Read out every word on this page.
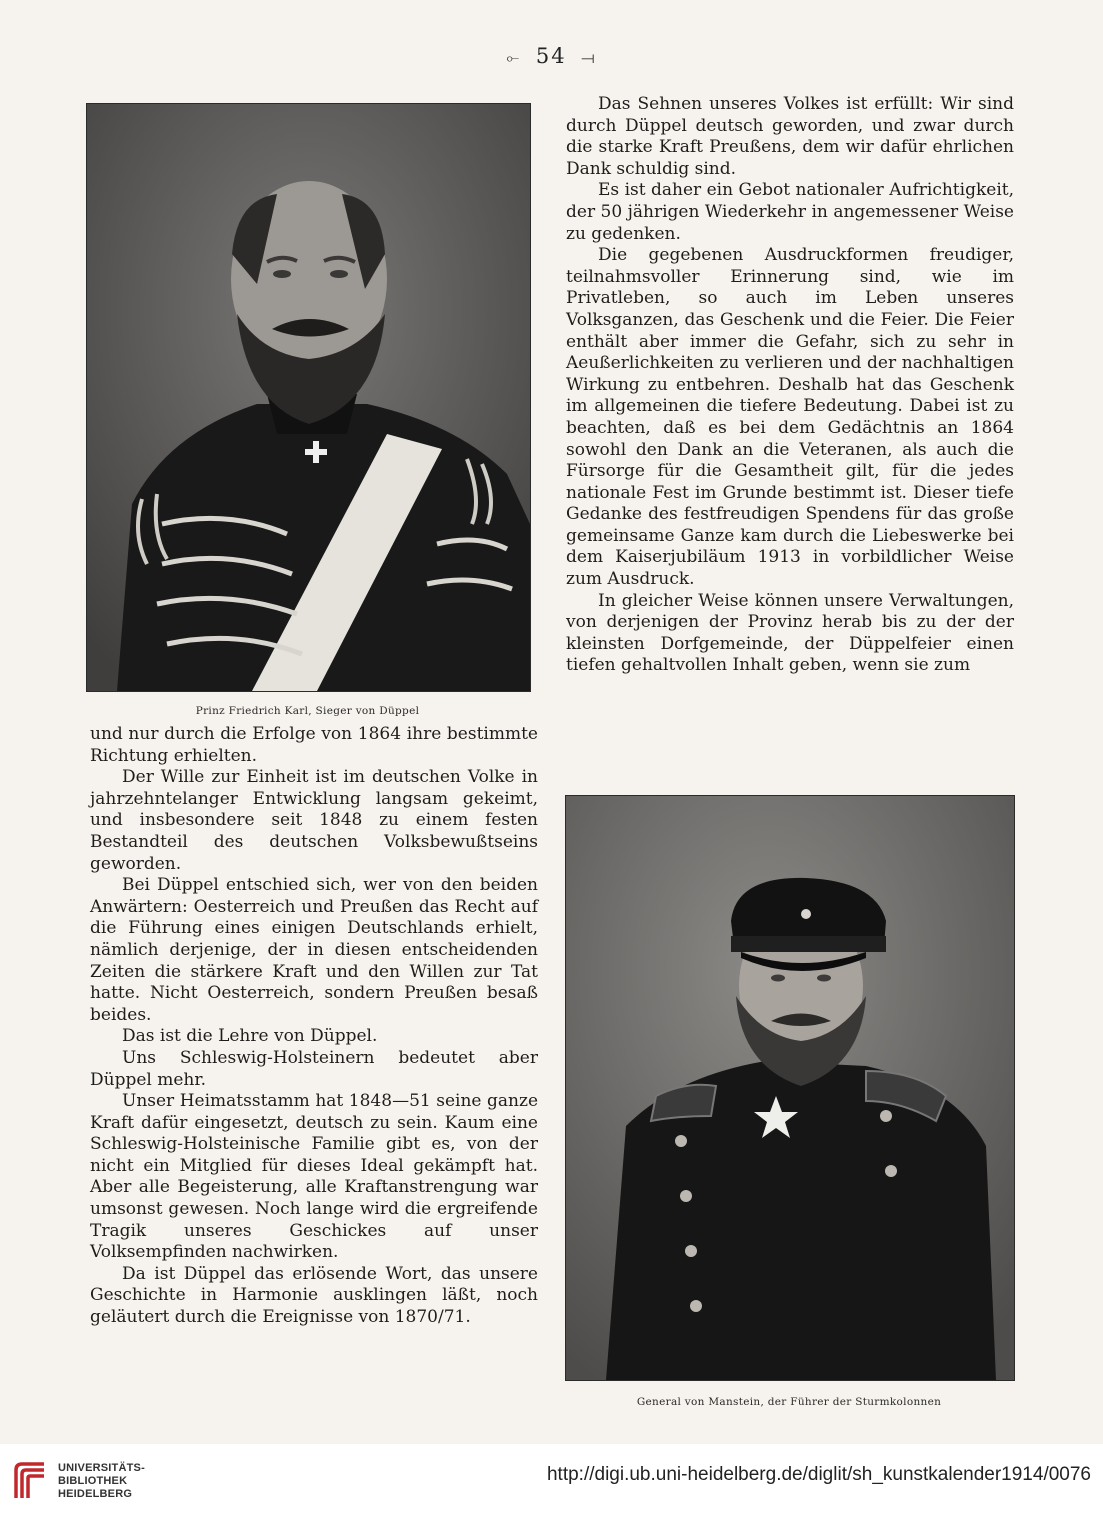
⟜ 54 ⟞
Prinz Friedrich Karl, Sieger von Düppel

Das Sehnen unseres Volkes ist erfüllt: Wir sind durch Düppel deutsch geworden, und zwar durch die starke Kraft Preußens, dem wir dafür ehrlichen Dank schuldig sind.

Es ist daher ein Gebot nationaler Aufrichtigkeit, der 50 jährigen Wiederkehr in angemessener Weise zu gedenken.

Die gegebenen Ausdruckformen freudiger, teilnahmsvoller Erinnerung sind, wie im Privatleben, so auch im Leben unseres Volksganzen, das Geschenk und die Feier. Die Feier enthält aber immer die Gefahr, sich zu sehr in Aeußerlichkeiten zu verlieren und der nachhaltigen Wirkung zu entbehren. Deshalb hat das Geschenk im allgemeinen die tiefere Bedeutung. Dabei ist zu beachten, daß es bei dem Gedächtnis an 1864 sowohl den Dank an die Veteranen, als auch die Fürsorge für die Gesamtheit gilt, für die jedes nationale Fest im Grunde bestimmt ist. Dieser tiefe Gedanke des festfreudigen Spendens für das große gemeinsame Ganze kam durch die Liebeswerke bei dem Kaiserjubiläum 1913 in vorbildlicher Weise zum Ausdruck.

In gleicher Weise können unsere Verwaltungen, von derjenigen der Provinz herab bis zu der der kleinsten Dorfgemeinde, der Düppelfeier einen tiefen gehaltvollen Inhalt geben, wenn sie zum

und nur durch die Erfolge von 1864 ihre bestimmte Richtung erhielten.

Der Wille zur Einheit ist im deutschen Volke in jahrzehntelanger Entwicklung langsam gekeimt, und insbesondere seit 1848 zu einem festen Bestandteil des deutschen Volksbewußtseins geworden.

Bei Düppel entschied sich, wer von den beiden Anwärtern: Oesterreich und Preußen das Recht auf die Führung eines einigen Deutschlands erhielt, nämlich derjenige, der in diesen entscheidenden Zeiten die stärkere Kraft und den Willen zur Tat hatte. Nicht Oesterreich, sondern Preußen besaß beides.

Das ist die Lehre von Düppel.

Uns Schleswig-Holsteinern bedeutet aber Düppel mehr.

Unser Heimatsstamm hat 1848—51 seine ganze Kraft dafür eingesetzt, deutsch zu sein. Kaum eine Schleswig-Holsteinische Familie gibt es, von der nicht ein Mitglied für dieses Ideal gekämpft hat. Aber alle Begeisterung, alle Kraftanstrengung war umsonst gewesen. Noch lange wird die ergreifende Tragik unseres Geschickes auf unser Volksempfinden nachwirken.

Da ist Düppel das erlösende Wort, das unsere Geschichte in Harmonie ausklingen läßt, noch geläutert durch die Ereignisse von 1870/71.

General von Manstein, der Führer der Sturmkolonnen
UNIVERSITÄTS-
BIBLIOTHEK
HEIDELBERG
http://digi.ub.uni-heidelberg.de/diglit/sh_kunstkalender1914/0076
